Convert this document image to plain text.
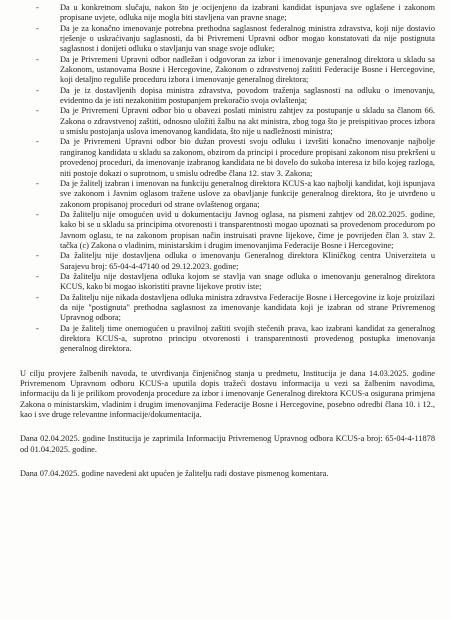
-	Da u konkretnom slučaju, nakon što je ocijenjeno da izabrani kandidat ispunjava sve oglašene i zakonom propisane uvjete, odluka nije mogla biti stavljena van pravne snage;
-	Da je za konačno imenovanje potrebna prethodna saglasnost federalnog ministra zdravstva, koji nije dostavio rješenje o uskraćivanju saglasnosti, da bi Privremeni Upravni odbor mogao konstatovati da nije postignuta saglasnost i donijeti odluku o stavljanju van snage svoje odluke;
-	Da je Privremeni Upravni odbor nadležan i odgovoran za izbor i imenovanje generalnog direktora u skladu sa Zakonom, ustanovama Bosne i Hercegovine, Zakonom o zdravstvenoj zaštiti Federacije Bosne i Hercegovine, koji detaljno reguliše proceduru izbora i imenovanje generalnog direktora;
-	Da je iz dostavljenih dopisa ministra zdravstva, povodom traženja saglasnosti na odluku o imenovanju, evidentno da je isti nezakonitim postupanjem prekoračio svoja ovlaštenja;
-	Da je Privremeni Upravni odbor bio u obavezi poslati ministru zahtjev za postupanje u skladu sa članom 66. Zakona o zdravstvenoj zaštiti, odnosno uložiti žalbu na akt ministra, zbog toga što je preispitivao proces izbora u smislu postojanja uslova imenovanog kandidata, što nije u nadležnosti ministra;
-	Da je Privremeni Upravni odbor bio dužan provesti svoju odluku i izvršiti konačno imenovanje najbolje rangiranog kandidata u skladu sa zakonom, obzirom da principi i procedure propisani zakonom nisu prekršeni u provedenoj proceduri, da imenovanje izabranog kandidata ne bi dovelo do sukoba interesa iz bilo kojeg razloga, niti postoje dokazi o suprotnom, u smislu odredbe člana 12. stav 3. Zakona;
-	Da je žalitelj izabran i imenovan na funkciju generalnog direktora KCUS-a kao najbolji kandidat, koji ispunjava sve zakonom i Javnim oglasom tražene uslove za obavljanje funkcije generalnog direktora, što je utvrđeno u zakonom propisanoj proceduri od strane ovlaštenog organa;
-	Da žalitelju nije omogućen uvid u dokumentaciju Javnog oglasa, na pismeni zahtjev od 28.02.2025. godine, kako bi se u skladu sa principima otvorenosti i transparentnosti mogao upoznati sa provedenom procedurom po Javnom oglasu, te na zakonom propisan način instruisati pravne lijekove, čime je povrijeđen član 3. stav 2. tačka (c) Zakona o vladinim, ministarskim i drugim imenovanjima Federacije Bosne i Hercegovine;
-	Da žalitelju nije dostavljena odluka o imenovanju Generalnog direktora Kliničkog centra Univerziteta u Sarajevu broj: 65-04-4-47140 od 29.12.2023. godine;
-	Da žalitelju nije dostavljena odluka kojom se stavlja van snage odluka o imenovanju generalnog direktora KCUS, kako bi mogao iskoristiti pravne lijekove protiv iste;
-	Da žalitelju nije nikada dostavljena odluka ministra zdravstva Federacije Bosne i Hercegovine iz koje proizilazi da nije "postignuta" prethodna saglasnost za imenovanje kandidata koji je izabran od strane Privremenog Upravnog odbora;
-	Da je žalitelj time onemogućen u pravilnoj zaštiti svojih stečenih prava, kao izabrani kandidat za generalnog direktora KCUS-a, suprotno principu otvorenosti i transparentnosti provedenog postupka imenovanja generalnog direktora.

U cilju provjere žalbenih navoda, te utvrđivanja činjeničnog stanja u predmetu, Institucija je dana 14.03.2025. godine Privremenom Upravnom odboru KCUS-a uputila dopis tražeći dostavu informacija u vezi sa žalbenim navodima, informaciju da li je prilikom provođenja procedure za izbor i imenovanje Generalnog direktora KCUS-a osigurana primjena Zakona o ministarskim, vladinim i drugim imenovanjima Federacije Bosne i Hercegovine, posebno odredbi člana 10. i 12., kao i sve druge relevantne informacije/dokumentacija.

Dana 02.04.2025. godine Institucija je zaprimila Informaciju Privremenog Upravnog odbora KCUS-a broj: 65-04-4-11878 od 01.04.2025. godine.

Dana 07.04.2025. godine navedeni akt upućen je žalitelju radi dostave pismenog komentara.
